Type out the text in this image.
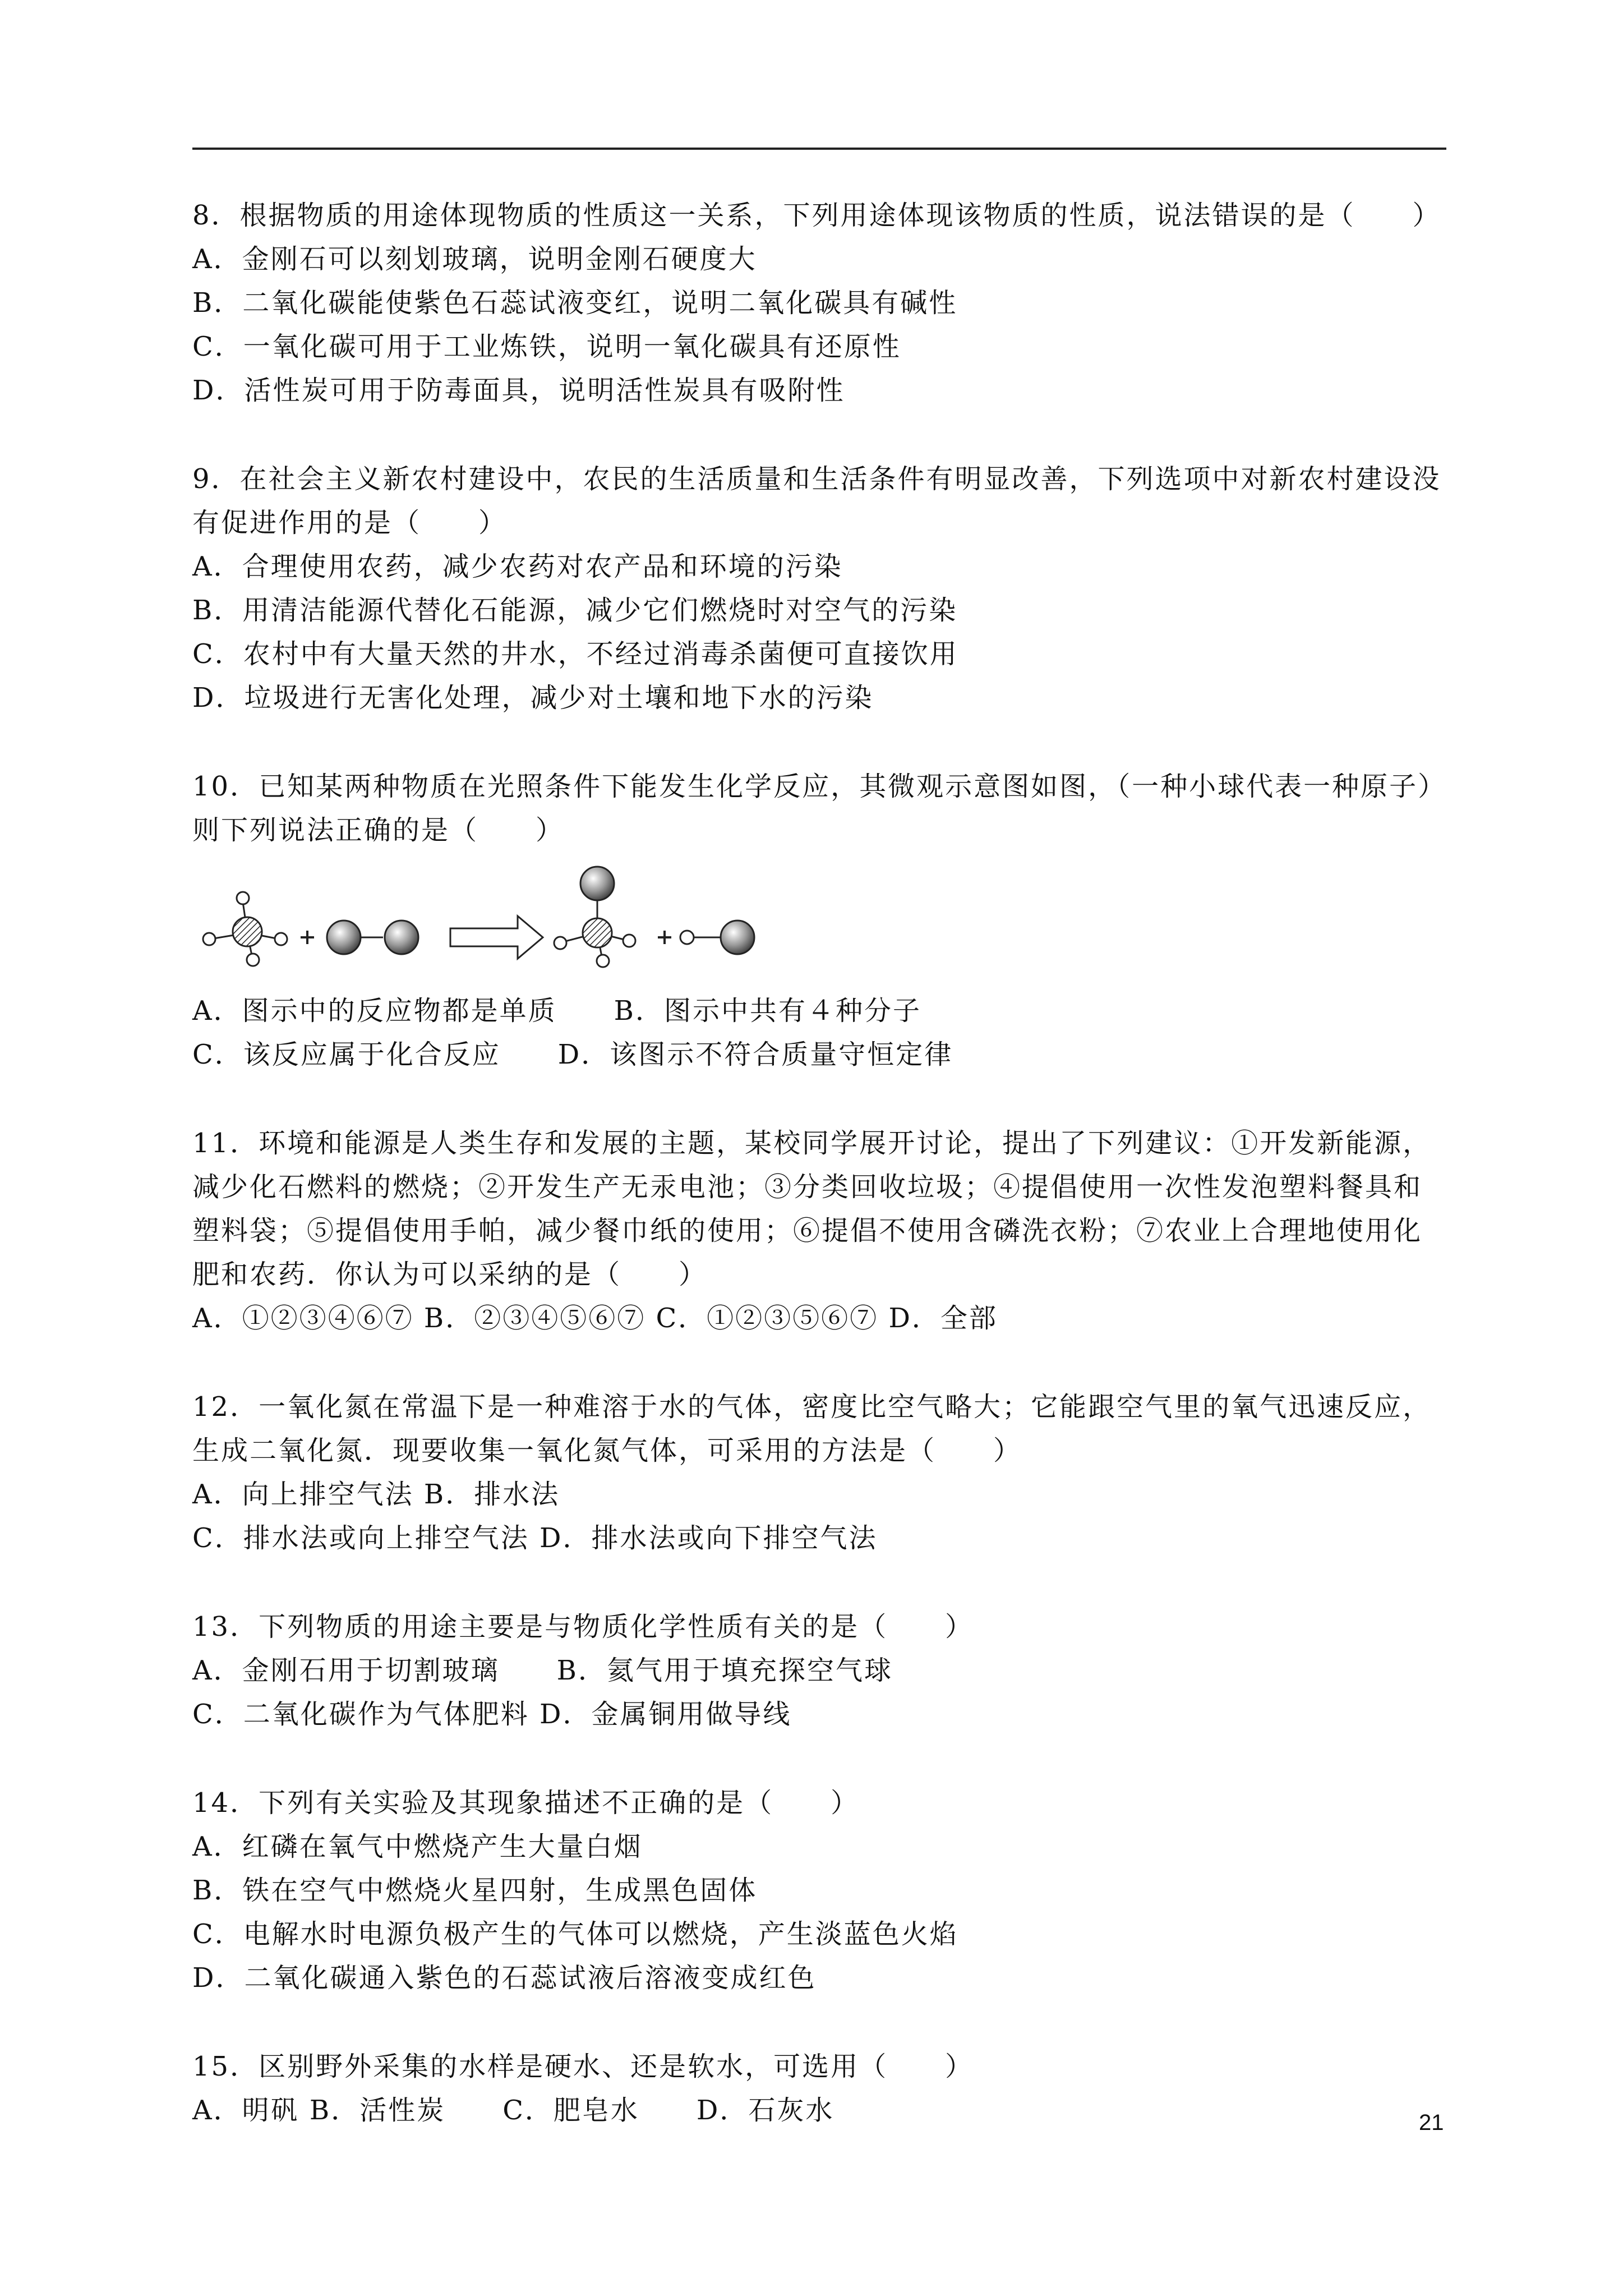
8．根据物质的用途体现物质的性质这一关系，下列用途体现该物质的性质，说法错误的是（　　）
A．金刚石可以刻划玻璃，说明金刚石硬度大
B．二氧化碳能使紫色石蕊试液变红，说明二氧化碳具有碱性
C．一氧化碳可用于工业炼铁，说明一氧化碳具有还原性
D．活性炭可用于防毒面具，说明活性炭具有吸附性
9．在社会主义新农村建设中，农民的生活质量和生活条件有明显改善，下列选项中对新农村建设没
有促进作用的是（　　）
A．合理使用农药，减少农药对农产品和环境的污染
B．用清洁能源代替化石能源，减少它们燃烧时对空气的污染
C．农村中有大量天然的井水，不经过消毒杀菌便可直接饮用
D．垃圾进行无害化处理，减少对土壤和地下水的污染
10．已知某两种物质在光照条件下能发生化学反应，其微观示意图如图，（一种小球代表一种原子）
则下列说法正确的是（　　）
A．图示中的反应物都是单质　　B．图示中共有４种分子
C．该反应属于化合反应　　D．该图示不符合质量守恒定律
11．环境和能源是人类生存和发展的主题，某校同学展开讨论，提出了下列建议：①开发新能源，
减少化石燃料的燃烧；②开发生产无汞电池；③分类回收垃圾；④提倡使用一次性发泡塑料餐具和
塑料袋；⑤提倡使用手帕，减少餐巾纸的使用；⑥提倡不使用含磷洗衣粉；⑦农业上合理地使用化
肥和农药．你认为可以采纳的是（　　）
A．①②③④⑥⑦ B．②③④⑤⑥⑦ C．①②③⑤⑥⑦ D．全部
12．一氧化氮在常温下是一种难溶于水的气体，密度比空气略大；它能跟空气里的氧气迅速反应，
生成二氧化氮．现要收集一氧化氮气体，可采用的方法是（　　）
A．向上排空气法 B．排水法
C．排水法或向上排空气法 D．排水法或向下排空气法
13．下列物质的用途主要是与物质化学性质有关的是（　　）
A．金刚石用于切割玻璃　　B．氦气用于填充探空气球
C．二氧化碳作为气体肥料 D．金属铜用做导线
14．下列有关实验及其现象描述不正确的是（　　）
A．红磷在氧气中燃烧产生大量白烟
B．铁在空气中燃烧火星四射，生成黑色固体
C．电解水时电源负极产生的气体可以燃烧，产生淡蓝色火焰
D．二氧化碳通入紫色的石蕊试液后溶液变成红色
15．区别野外采集的水样是硬水、还是软水，可选用（　　）
A．明矾 B．活性炭　　C．肥皂水　　D．石灰水	21
